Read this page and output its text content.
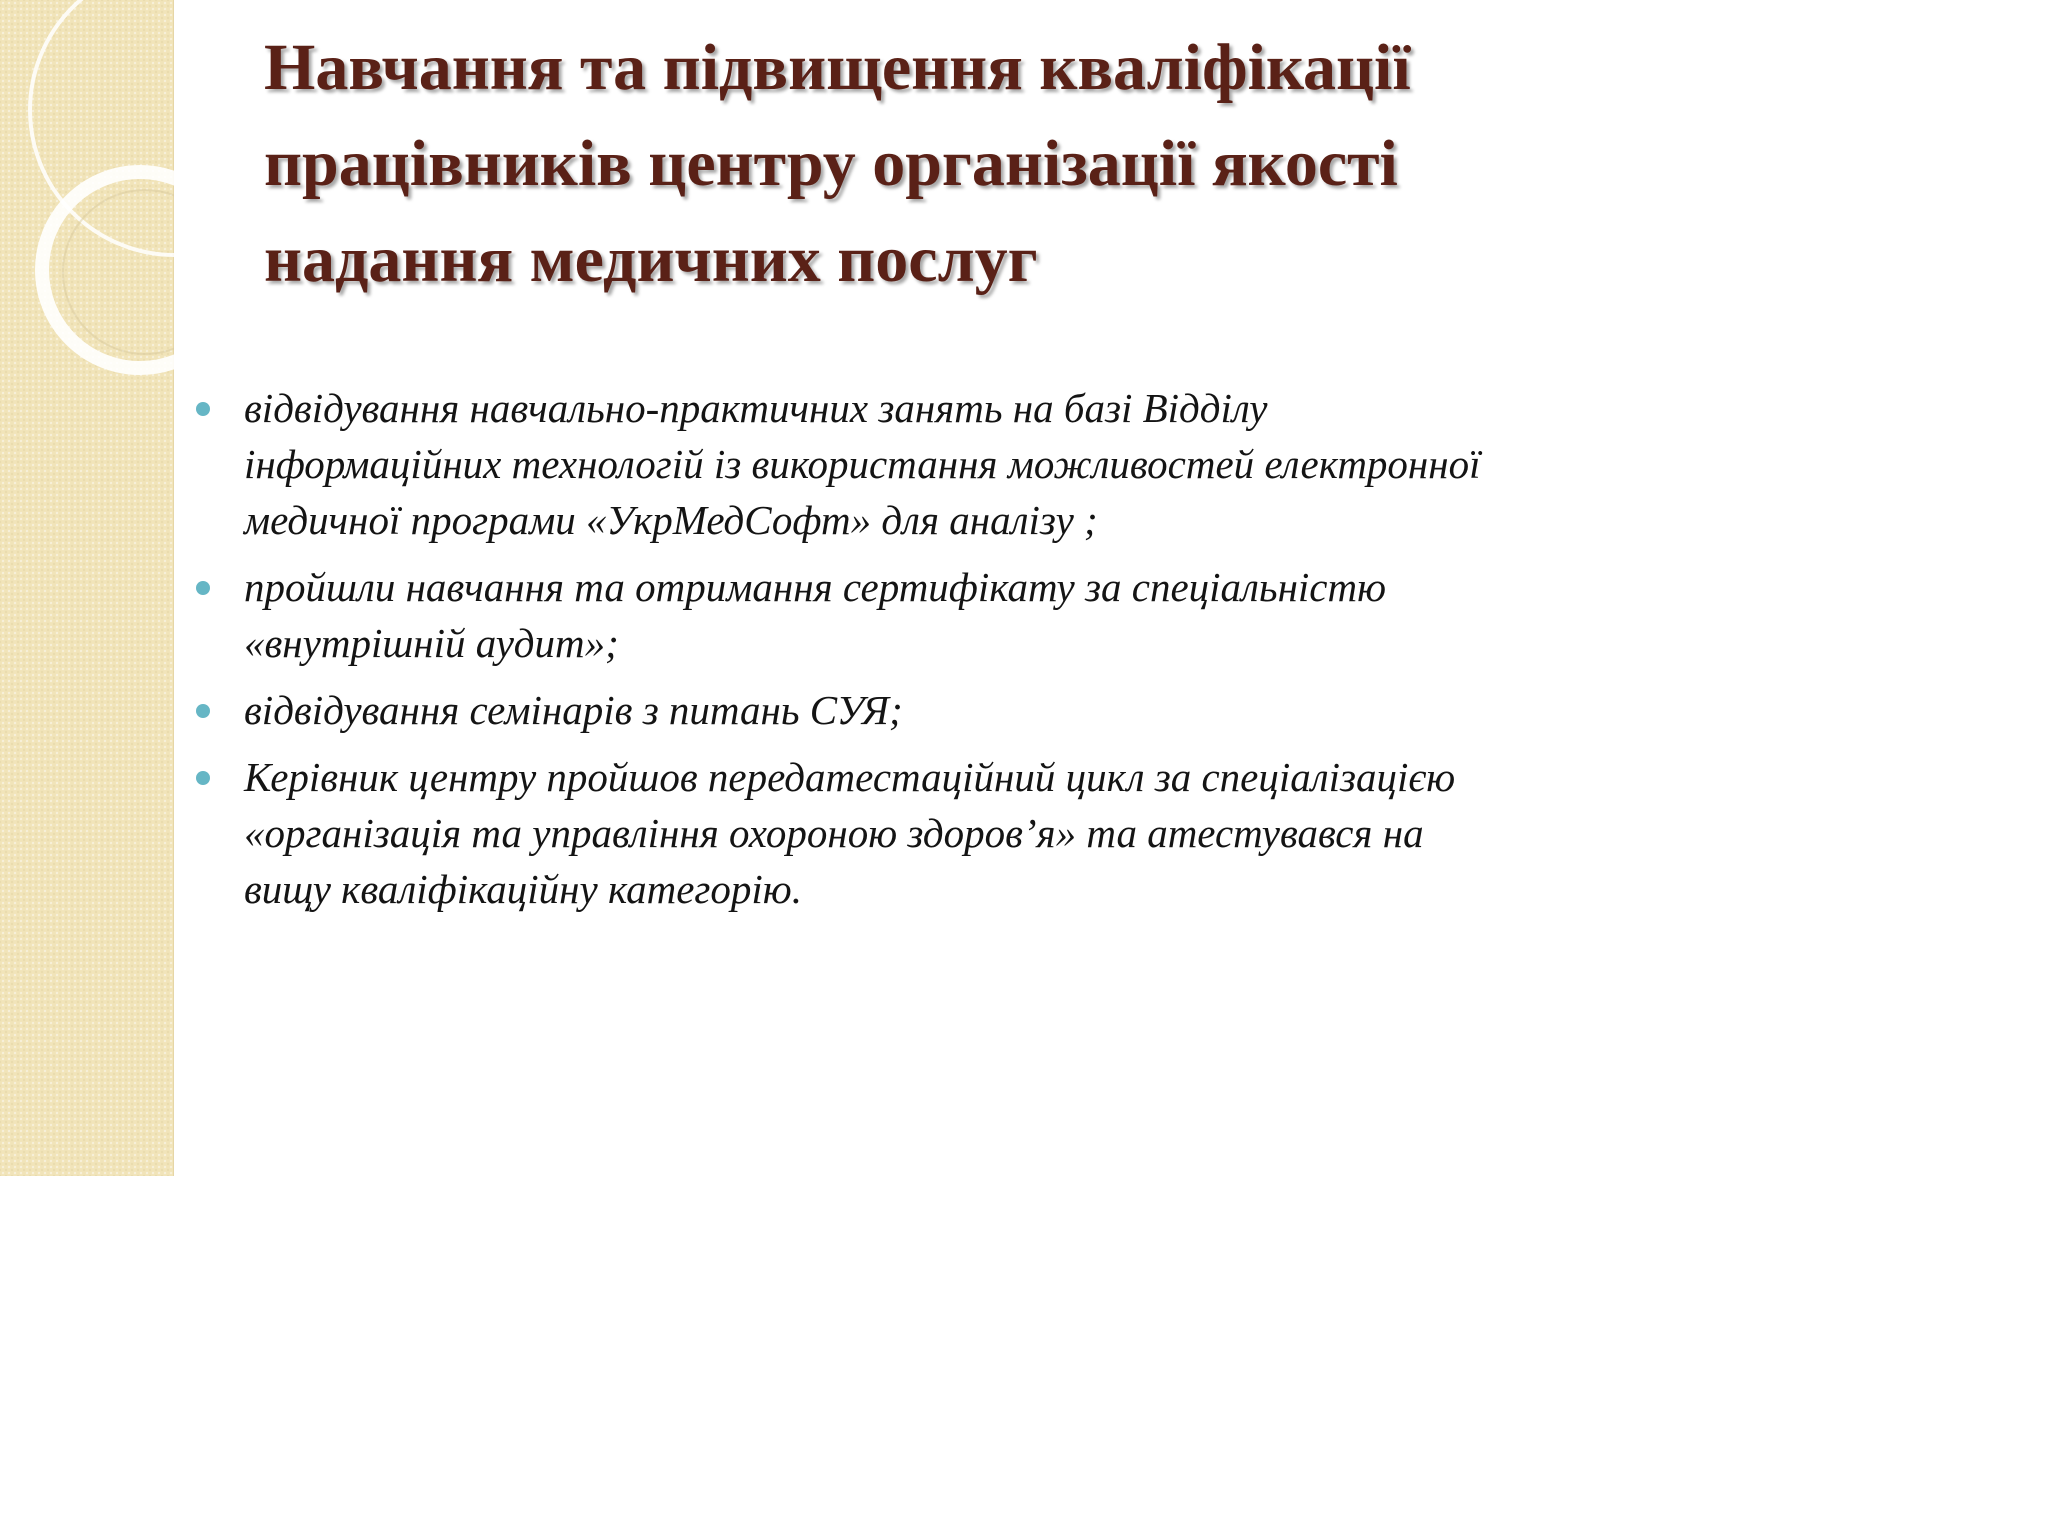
Навчання та підвищення кваліфікації працівників центру організації якості надання медичних послуг
відвідування навчально-практичних занять на базі Відділу інформаційних технологій із використання можливостей електронної медичної програми «УкрМедСофт» для аналізу ;
пройшли навчання та отримання сертифікату за спеціальністю «внутрішній аудит»;
відвідування семінарів з питань СУЯ;
Керівник центру пройшов передатестаційний цикл за спеціалізацією «організація та управління охороною здоров’я» та атестувався на вищу кваліфікаційну категорію.
